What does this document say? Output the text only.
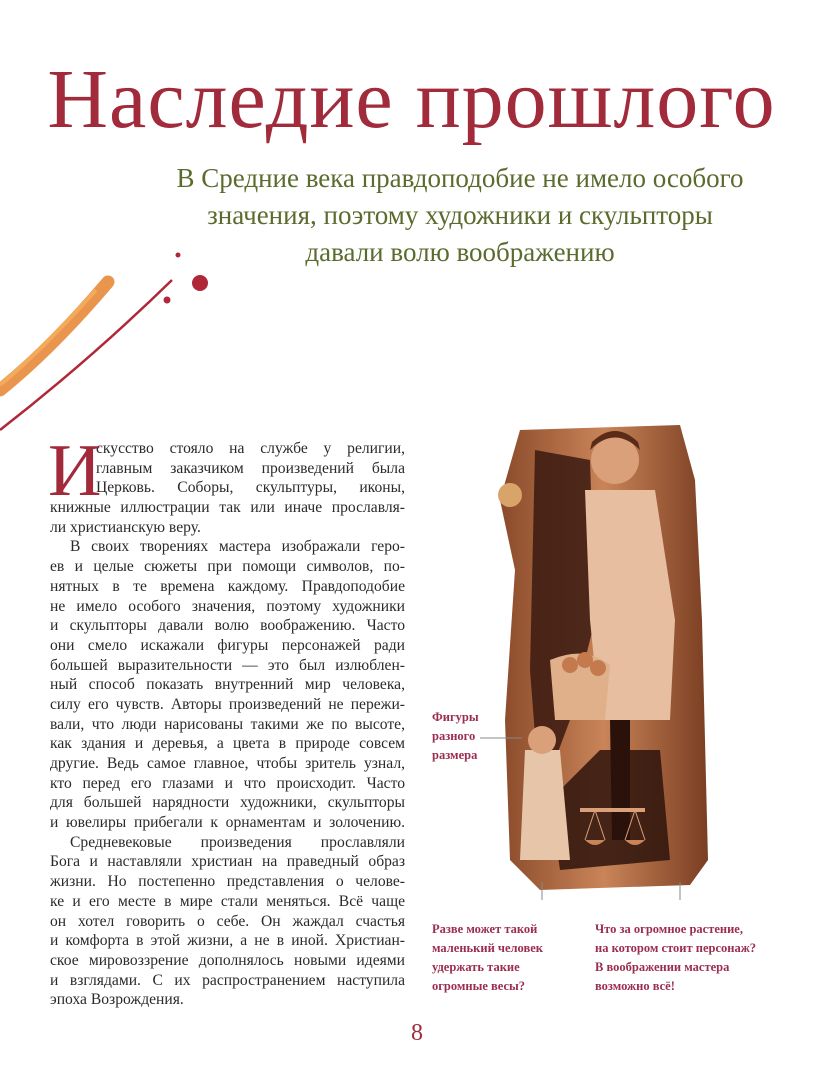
Наследие прошлого
В Средние века правдоподобие не имело особого
значения, поэтому художники и скульпторы
давали волю воображению
И
скусство стояло на службе у религии,
главным заказчиком произведений была
Церковь. Соборы, скульптуры, иконы,
книжные иллюстрации так или иначе прославля-
ли христианскую веру.
В своих творениях мастера изображали геро-
ев и целые сюжеты при помощи символов, по-
нятных в те времена каждому. Правдоподобие
не имело особого значения, поэтому художники
и скульпторы давали волю воображению. Часто
они смело искажали фигуры персонажей ради
большей выразительности — это был излюблен-
ный способ показать внутренний мир человека,
силу его чувств. Авторы произведений не пережи-
вали, что люди нарисованы такими же по высоте,
как здания и деревья, а цвета в природе совсем
другие. Ведь самое главное, чтобы зритель узнал,
кто перед его глазами и что происходит. Часто
для большей нарядности художники, скульпторы
и ювелиры прибегали к орнаментам и золочению.
Средневековые произведения прославляли
Бога и наставляли христиан на праведный образ
жизни. Но постепенно представления о челове-
ке и его месте в мире стали меняться. Всё чаще
он хотел говорить о себе. Он жаждал счастья
и комфорта в этой жизни, а не в иной. Христиан-
ское мировоззрение дополнялось новыми идеями
и взглядами. С их распространением наступила
эпоха Возрождения.
Фигуры
разного
размера
Разве может такой
маленький человек
удержать такие
огромные весы?
Что за огромное растение,
на котором стоит персонаж?
В воображении мастера
возможно всё!
8
